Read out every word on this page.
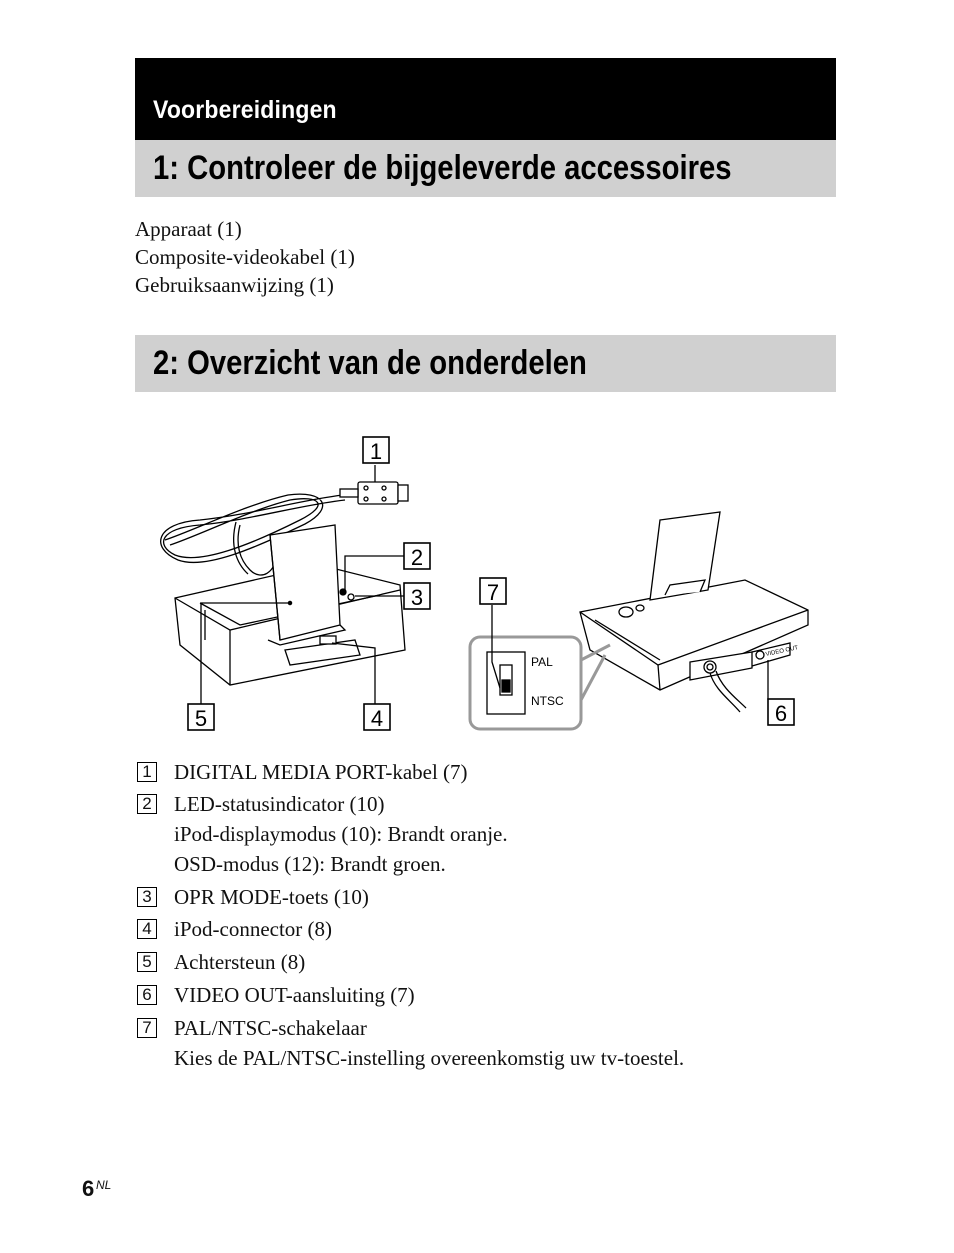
Voorbereidingen
1: Controleer de bijgeleverde accessoires
Apparaat (1)
Composite-videokabel (1)
Gebruiksaanwijzing (1)
2: Overzicht van de onderdelen
VIDEO OUT
PAL
NTSC
1
2
3
4
5	6
7
1 DIGITAL MEDIA PORT-kabel (7)
2 LED-statusindicator (10)
iPod-displaymodus (10): Brandt oranje.
OSD-modus (12): Brandt groen.
3 OPR MODE-toets (10)
4 iPod-connector (8)
5 Achtersteun (8)
6 VIDEO OUT-aansluiting (7)
7 PAL/NTSC-schakelaar
Kies de PAL/NTSC-instelling overeenkomstig uw tv-toestel.
6 NL
